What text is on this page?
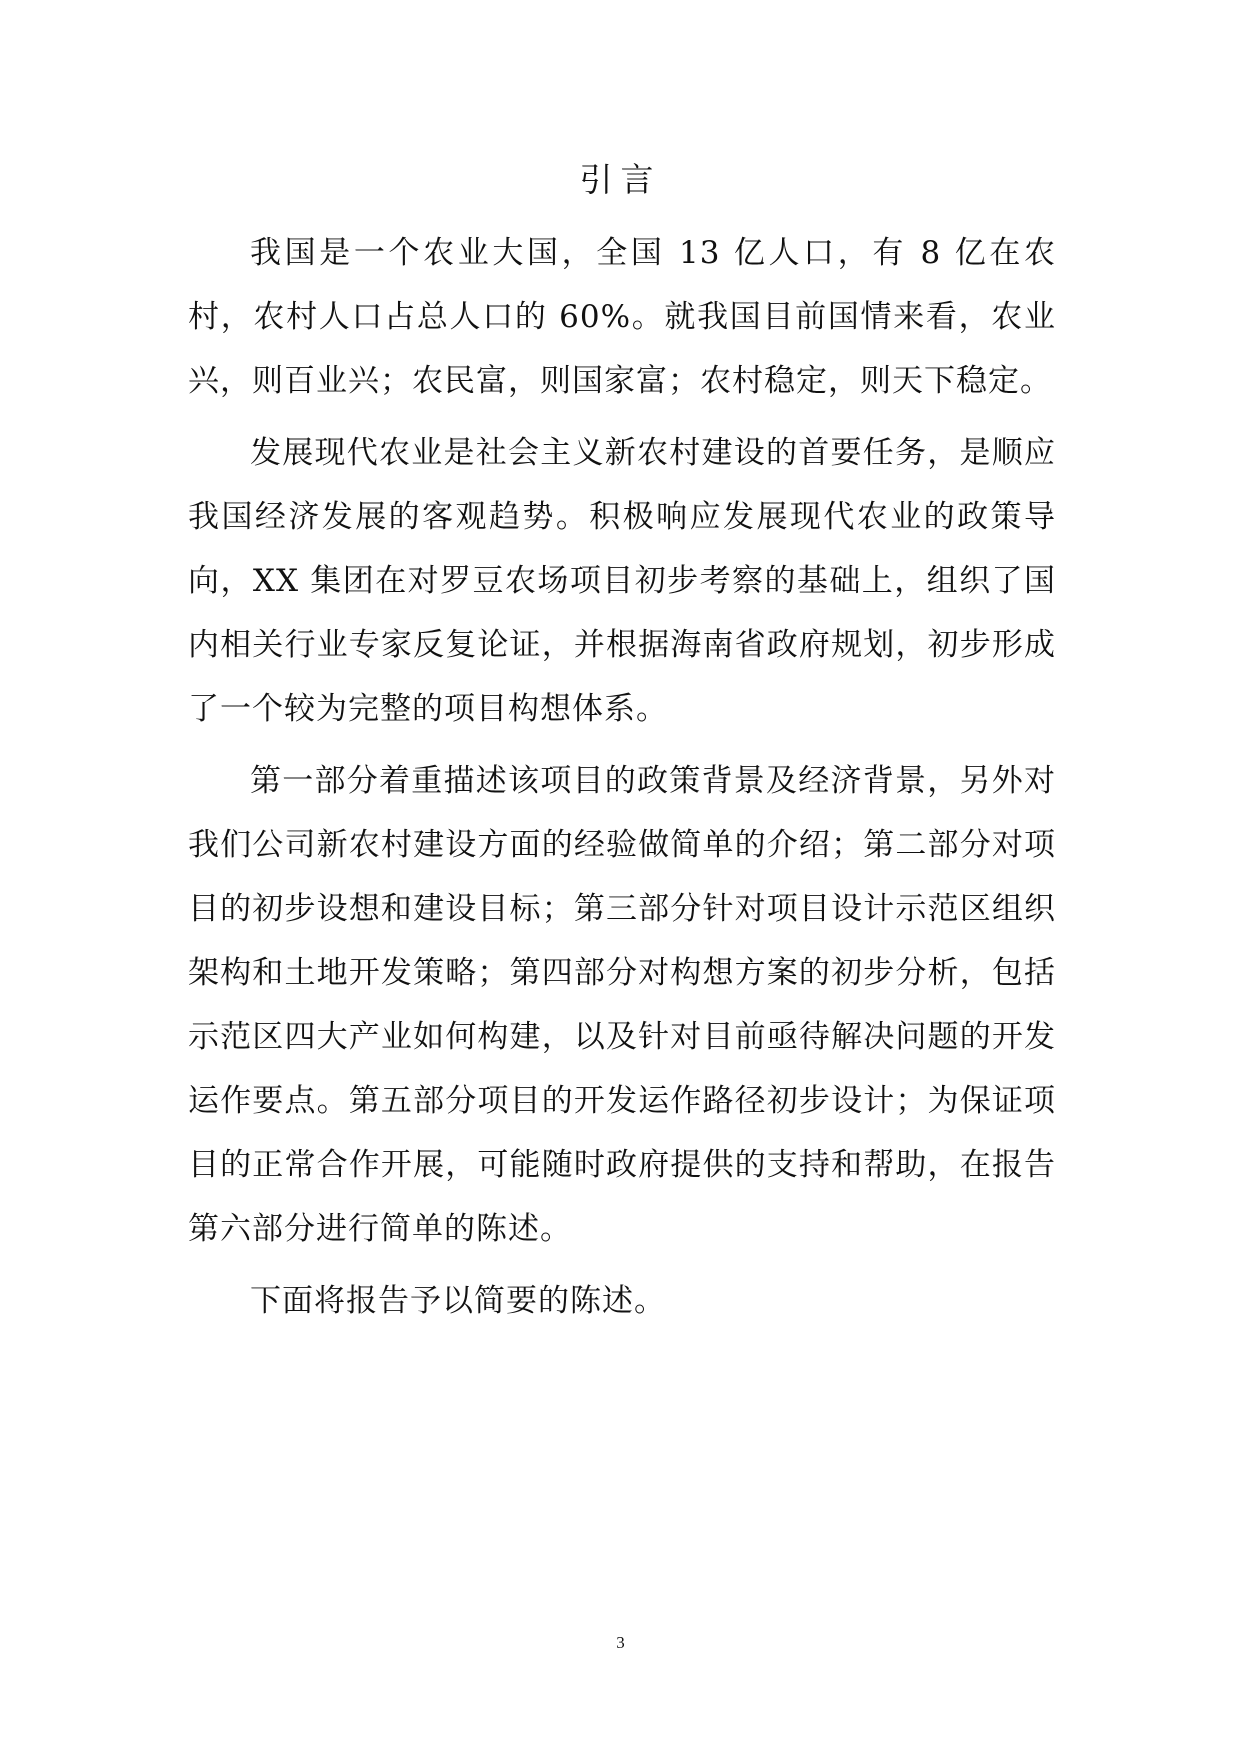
引言

我国是一个农业大国，全国 13 亿人口，有 8 亿在农村，农村人口占总人口的 60%。就我国目前国情来看，农业兴，则百业兴；农民富，则国家富；农村稳定，则天下稳定。

发展现代农业是社会主义新农村建设的首要任务，是顺应我国经济发展的客观趋势。积极响应发展现代农业的政策导向，XX 集团在对罗豆农场项目初步考察的基础上，组织了国内相关行业专家反复论证，并根据海南省政府规划，初步形成了一个较为完整的项目构想体系。

第一部分着重描述该项目的政策背景及经济背景，另外对我们公司新农村建设方面的经验做简单的介绍；第二部分对项目的初步设想和建设目标；第三部分针对项目设计示范区组织架构和土地开发策略；第四部分对构想方案的初步分析，包括示范区四大产业如何构建，以及针对目前亟待解决问题的开发运作要点。第五部分项目的开发运作路径初步设计；为保证项目的正常合作开展，可能随时政府提供的支持和帮助，在报告第六部分进行简单的陈述。

下面将报告予以简要的陈述。

3
